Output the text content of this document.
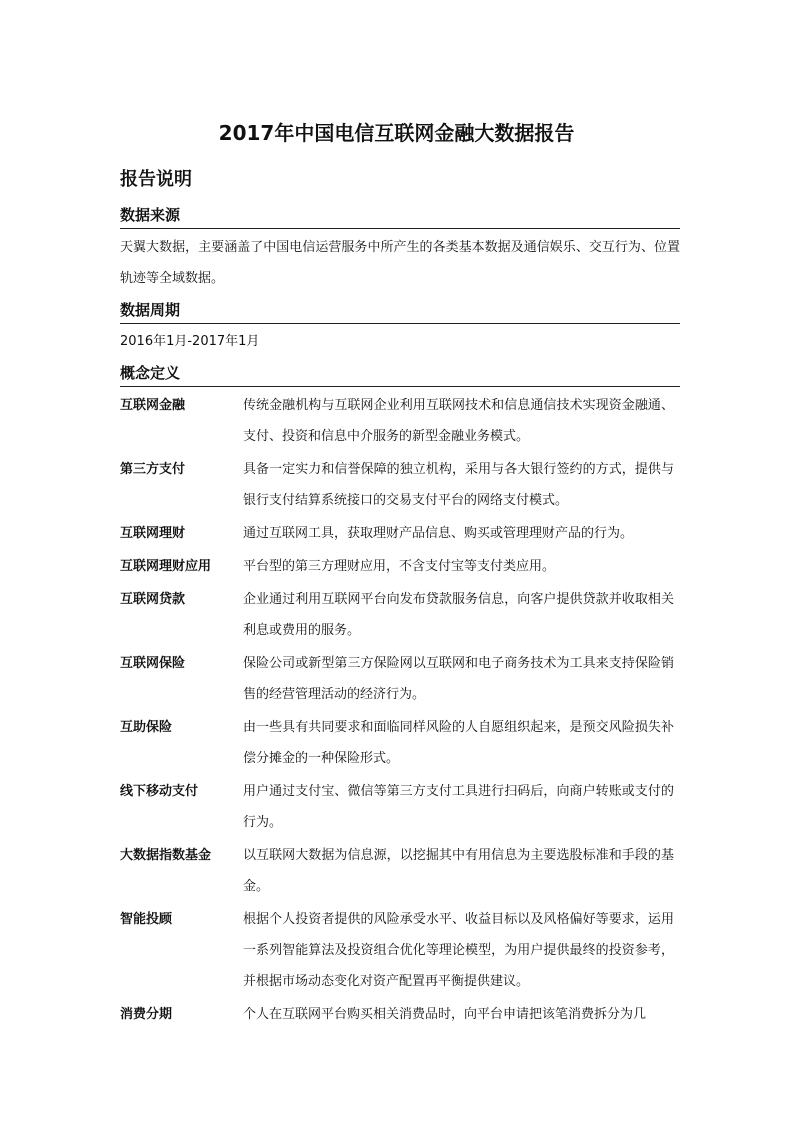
2017年中国电信互联网金融大数据报告
报告说明
数据来源
天翼大数据，主要涵盖了中国电信运营服务中所产生的各类基本数据及通信娱乐、交互行为、位置轨迹等全域数据。
数据周期
2016年1月-2017年1月
概念定义
互联网金融	传统金融机构与互联网企业利用互联网技术和信息通信技术实现资金融通、支付、投资和信息中介服务的新型金融业务模式。
第三方支付	具备一定实力和信誉保障的独立机构，采用与各大银行签约的方式，提供与银行支付结算系统接口的交易支付平台的网络支付模式。
互联网理财	通过互联网工具，获取理财产品信息、购买或管理理财产品的行为。
互联网理财应用	平台型的第三方理财应用，不含支付宝等支付类应用。
互联网贷款	企业通过利用互联网平台向发布贷款服务信息，向客户提供贷款并收取相关利息或费用的服务。
互联网保险	保险公司或新型第三方保险网以互联网和电子商务技术为工具来支持保险销售的经营管理活动的经济行为。
互助保险	由一些具有共同要求和面临同样风险的人自愿组织起来，是预交风险损失补偿分摊金的一种保险形式。
线下移动支付	用户通过支付宝、微信等第三方支付工具进行扫码后，向商户转账或支付的行为。
大数据指数基金	以互联网大数据为信息源，以挖掘其中有用信息为主要选股标准和手段的基金。
智能投顾	根据个人投资者提供的风险承受水平、收益目标以及风格偏好等要求，运用一系列智能算法及投资组合优化等理论模型，为用户提供最终的投资参考，并根据市场动态变化对资产配置再平衡提供建议。
消费分期	个人在互联网平台购买相关消费品时，向平台申请把该笔消费拆分为几
